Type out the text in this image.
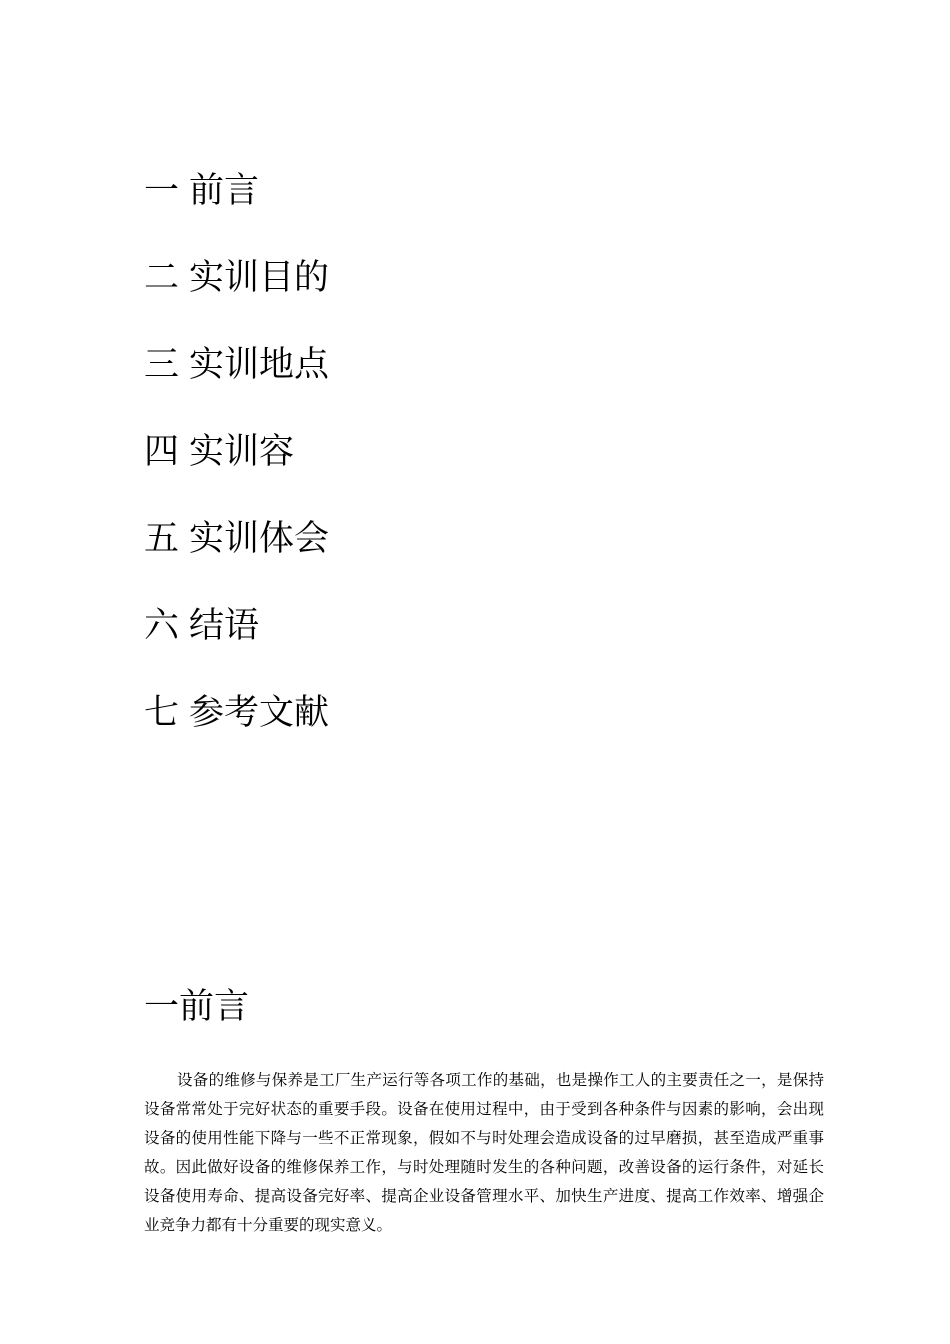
一 前言
二 实训目的
三 实训地点
四 实训容
五 实训体会
六 结语
七 参考文献
一前言

设备的维修与保养是工厂生产运行等各项工作的基础，也是操作工人的主要责任之一，是保持设备常常处于完好状态的重要手段。设备在使用过程中，由于受到各种条件与因素的影响，会出现设备的使用性能下降与一些不正常现象，假如不与时处理会造成设备的过早磨损，甚至造成严重事故。因此做好设备的维修保养工作，与时处理随时发生的各种问题，改善设备的运行条件，对延长设备使用寿命、提高设备完好率、提高企业设备管理水平、加快生产进度、提高工作效率、增强企业竞争力都有十分重要的现实意义。
